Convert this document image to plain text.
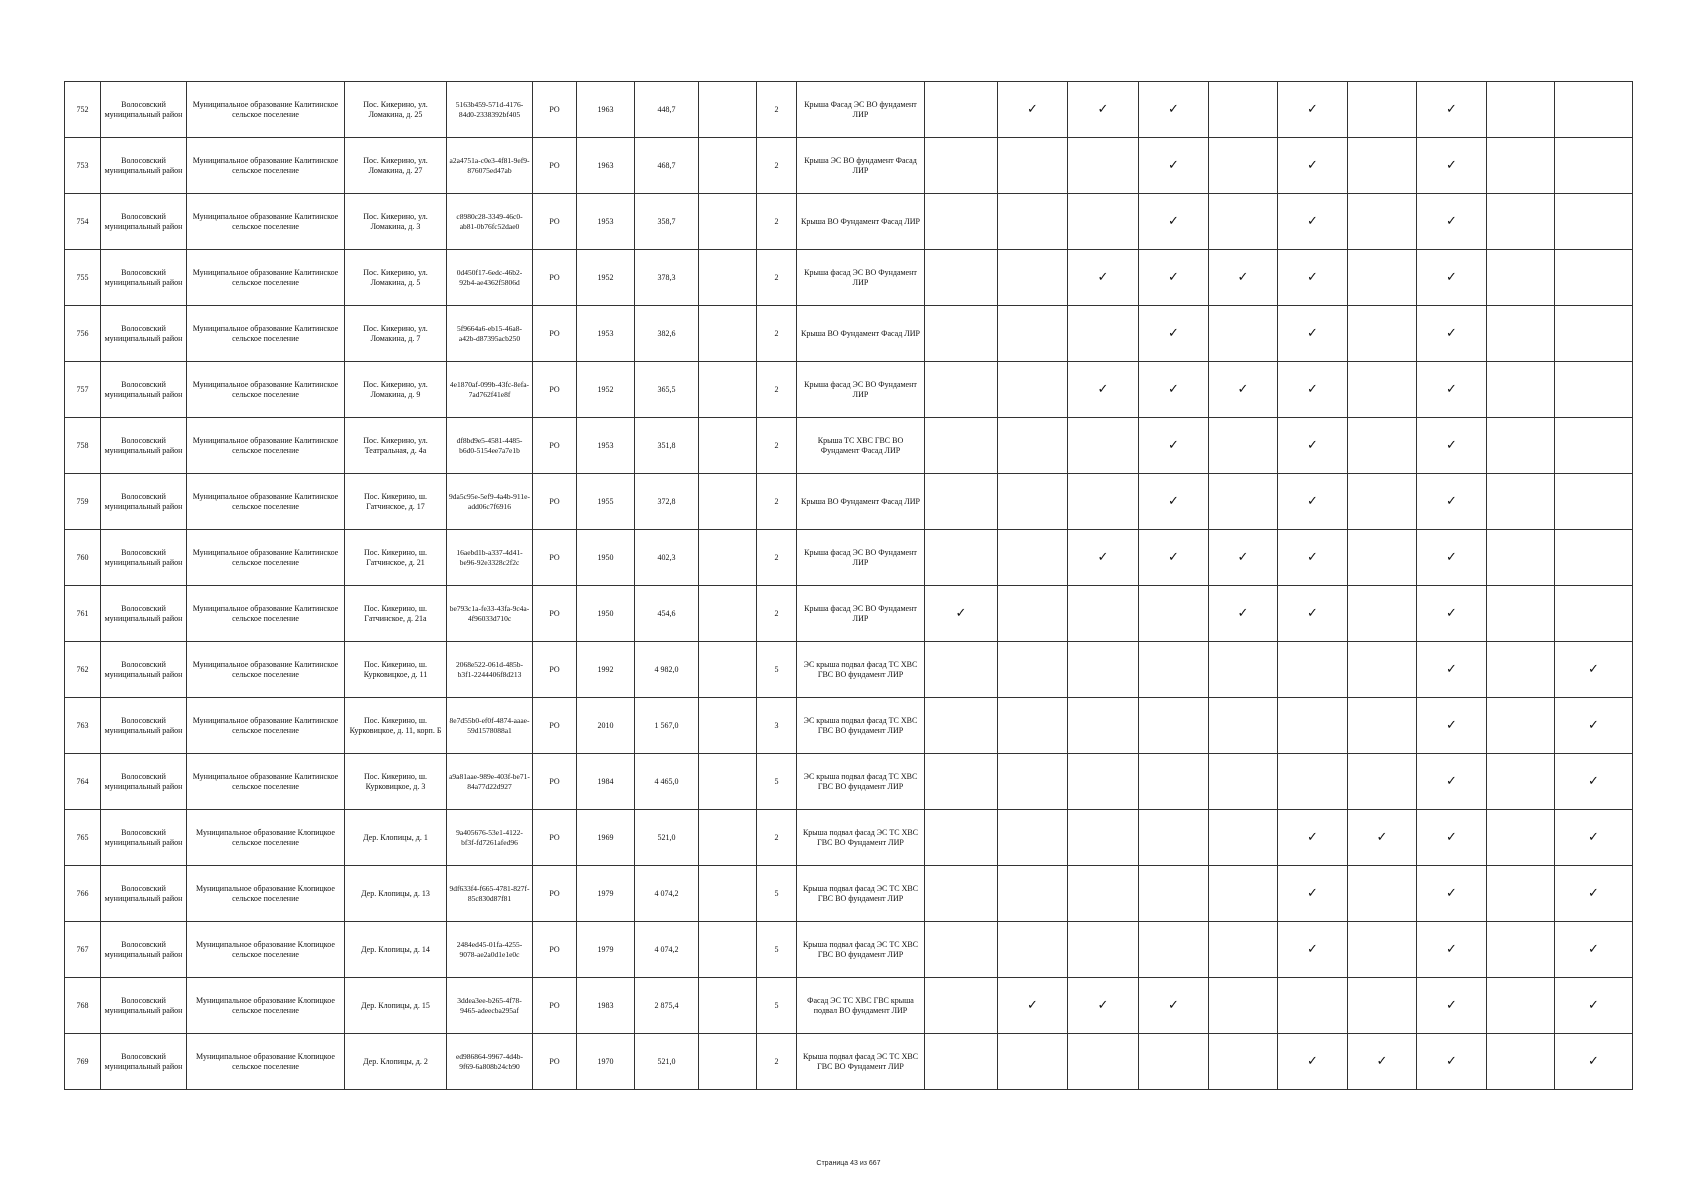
752	Волосовский муниципальный район	Муниципальное образование Калитинское сельское поселение	Пос. Кикерино, ул. Ломакина, д. 25	5163b459-571d-4176-84d0-2338392bf405	РО	1963	448,7		2	Крыша Фасад ЭС ВО фундамент ЛИР		✓	✓	✓		✓		✓		
753	Волосовский муниципальный район	Муниципальное образование Калитинское сельское поселение	Пос. Кикерино, ул. Ломакина, д. 27	a2a4751a-c0e3-4f81-9ef9-876075ed47ab	РО	1963	468,7		2	Крыша ЭС ВО фундамент Фасад ЛИР				✓		✓		✓		
754	Волосовский муниципальный район	Муниципальное образование Калитинское сельское поселение	Пос. Кикерино, ул. Ломакина, д. 3	c8980c28-3349-46c0-ab81-0b76fc52dae0	РО	1953	358,7		2	Крыша ВО Фундамент Фасад ЛИР				✓		✓		✓		
755	Волосовский муниципальный район	Муниципальное образование Калитинское сельское поселение	Пос. Кикерино, ул. Ломакина, д. 5	0d450f17-6edc-46b2-92b4-ae4362f5806d	РО	1952	378,3		2	Крыша фасад ЭС ВО Фундамент ЛИР			✓	✓	✓	✓		✓		
756	Волосовский муниципальный район	Муниципальное образование Калитинское сельское поселение	Пос. Кикерино, ул. Ломакина, д. 7	5f9664a6-eb15-46a8-a42b-d87395acb250	РО	1953	382,6		2	Крыша ВО Фундамент Фасад ЛИР				✓		✓		✓		
757	Волосовский муниципальный район	Муниципальное образование Калитинское сельское поселение	Пос. Кикерино, ул. Ломакина, д. 9	4e1870af-099b-43fc-8efa-7ad762f41e8f	РО	1952	365,5		2	Крыша фасад ЭС ВО Фундамент ЛИР			✓	✓	✓	✓		✓		
758	Волосовский муниципальный район	Муниципальное образование Калитинское сельское поселение	Пос. Кикерино, ул. Театральная, д. 4а	df8bd9e5-4581-4485-b6d0-5154ee7a7e1b	РО	1953	351,8		2	Крыша ТС ХВС ГВС ВО Фундамент Фасад ЛИР				✓		✓		✓		
759	Волосовский муниципальный район	Муниципальное образование Калитинское сельское поселение	Пос. Кикерино, ш. Гатчинское, д. 17	9da5c95e-5ef9-4a4b-911e-add06c7f6916	РО	1955	372,8		2	Крыша ВО Фундамент Фасад ЛИР				✓		✓		✓		
760	Волосовский муниципальный район	Муниципальное образование Калитинское сельское поселение	Пос. Кикерино, ш. Гатчинское, д. 21	16aebd1b-a337-4d41-be96-92e3328c2f2c	РО	1950	402,3		2	Крыша фасад ЭС ВО Фундамент ЛИР			✓	✓	✓	✓		✓		
761	Волосовский муниципальный район	Муниципальное образование Калитинское сельское поселение	Пос. Кикерино, ш. Гатчинское, д. 21а	be793c1a-fe33-43fa-9c4a-4f96033d710c	РО	1950	454,6		2	Крыша фасад ЭС ВО Фундамент ЛИР	✓				✓	✓		✓		
762	Волосовский муниципальный район	Муниципальное образование Калитинское сельское поселение	Пос. Кикерино, ш. Курковицкое, д. 11	2068e522-061d-485b-b3f1-2244406f8d213	РО	1992	4 982,0		5	ЭС крыша подвал фасад ТС ХВС ГВС ВО фундамент ЛИР								✓		✓
763	Волосовский муниципальный район	Муниципальное образование Калитинское сельское поселение	Пос. Кикерино, ш. Курковицкое, д. 11, корп. Б	8e7d55b0-ef0f-4874-aaae-59d1578088a1	РО	2010	1 567,0		3	ЭС крыша подвал фасад ТС ХВС ГВС ВО фундамент ЛИР								✓		✓
764	Волосовский муниципальный район	Муниципальное образование Калитинское сельское поселение	Пос. Кикерино, ш. Курковицкое, д. 3	a9a81aae-989e-403f-be71-84a77d22d927	РО	1984	4 465,0		5	ЭС крыша подвал фасад ТС ХВС ГВС ВО фундамент ЛИР								✓		✓
765	Волосовский муниципальный район	Муниципальное образование Клопицкое сельское поселение	Дер. Клопицы, д. 1	9a405676-53e1-4122-bf3f-fd7261afed96	РО	1969	521,0		2	Крыша подвал фасад ЭС ТС ХВС ГВС ВО Фундамент ЛИР						✓	✓	✓		✓
766	Волосовский муниципальный район	Муниципальное образование Клопицкое сельское поселение	Дер. Клопицы, д. 13	9df633f4-f665-4781-827f-85c830d87f81	РО	1979	4 074,2		5	Крыша подвал фасад ЭС ТС ХВС ГВС ВО фундамент ЛИР						✓		✓		✓
767	Волосовский муниципальный район	Муниципальное образование Клопицкое сельское поселение	Дер. Клопицы, д. 14	2484ed45-01fa-4255-9078-ae2a0d1e1e0c	РО	1979	4 074,2		5	Крыша подвал фасад ЭС ТС ХВС ГВС ВО фундамент ЛИР						✓		✓		✓
768	Волосовский муниципальный район	Муниципальное образование Клопицкое сельское поселение	Дер. Клопицы, д. 15	3ddea3ee-b265-4f78-9465-adeecba295af	РО	1983	2 875,4		5	Фасад ЭС ТС ХВС ГВС крыша подвал ВО фундамент ЛИР		✓	✓	✓				✓		✓
769	Волосовский муниципальный район	Муниципальное образование Клопицкое сельское поселение	Дер. Клопицы, д. 2	ed986864-9967-4d4b-9f69-6a808b24cb90	РО	1970	521,0		2	Крыша подвал фасад ЭС ТС ХВС ГВС ВО Фундамент ЛИР						✓	✓	✓		✓
Страница 43 из 667
